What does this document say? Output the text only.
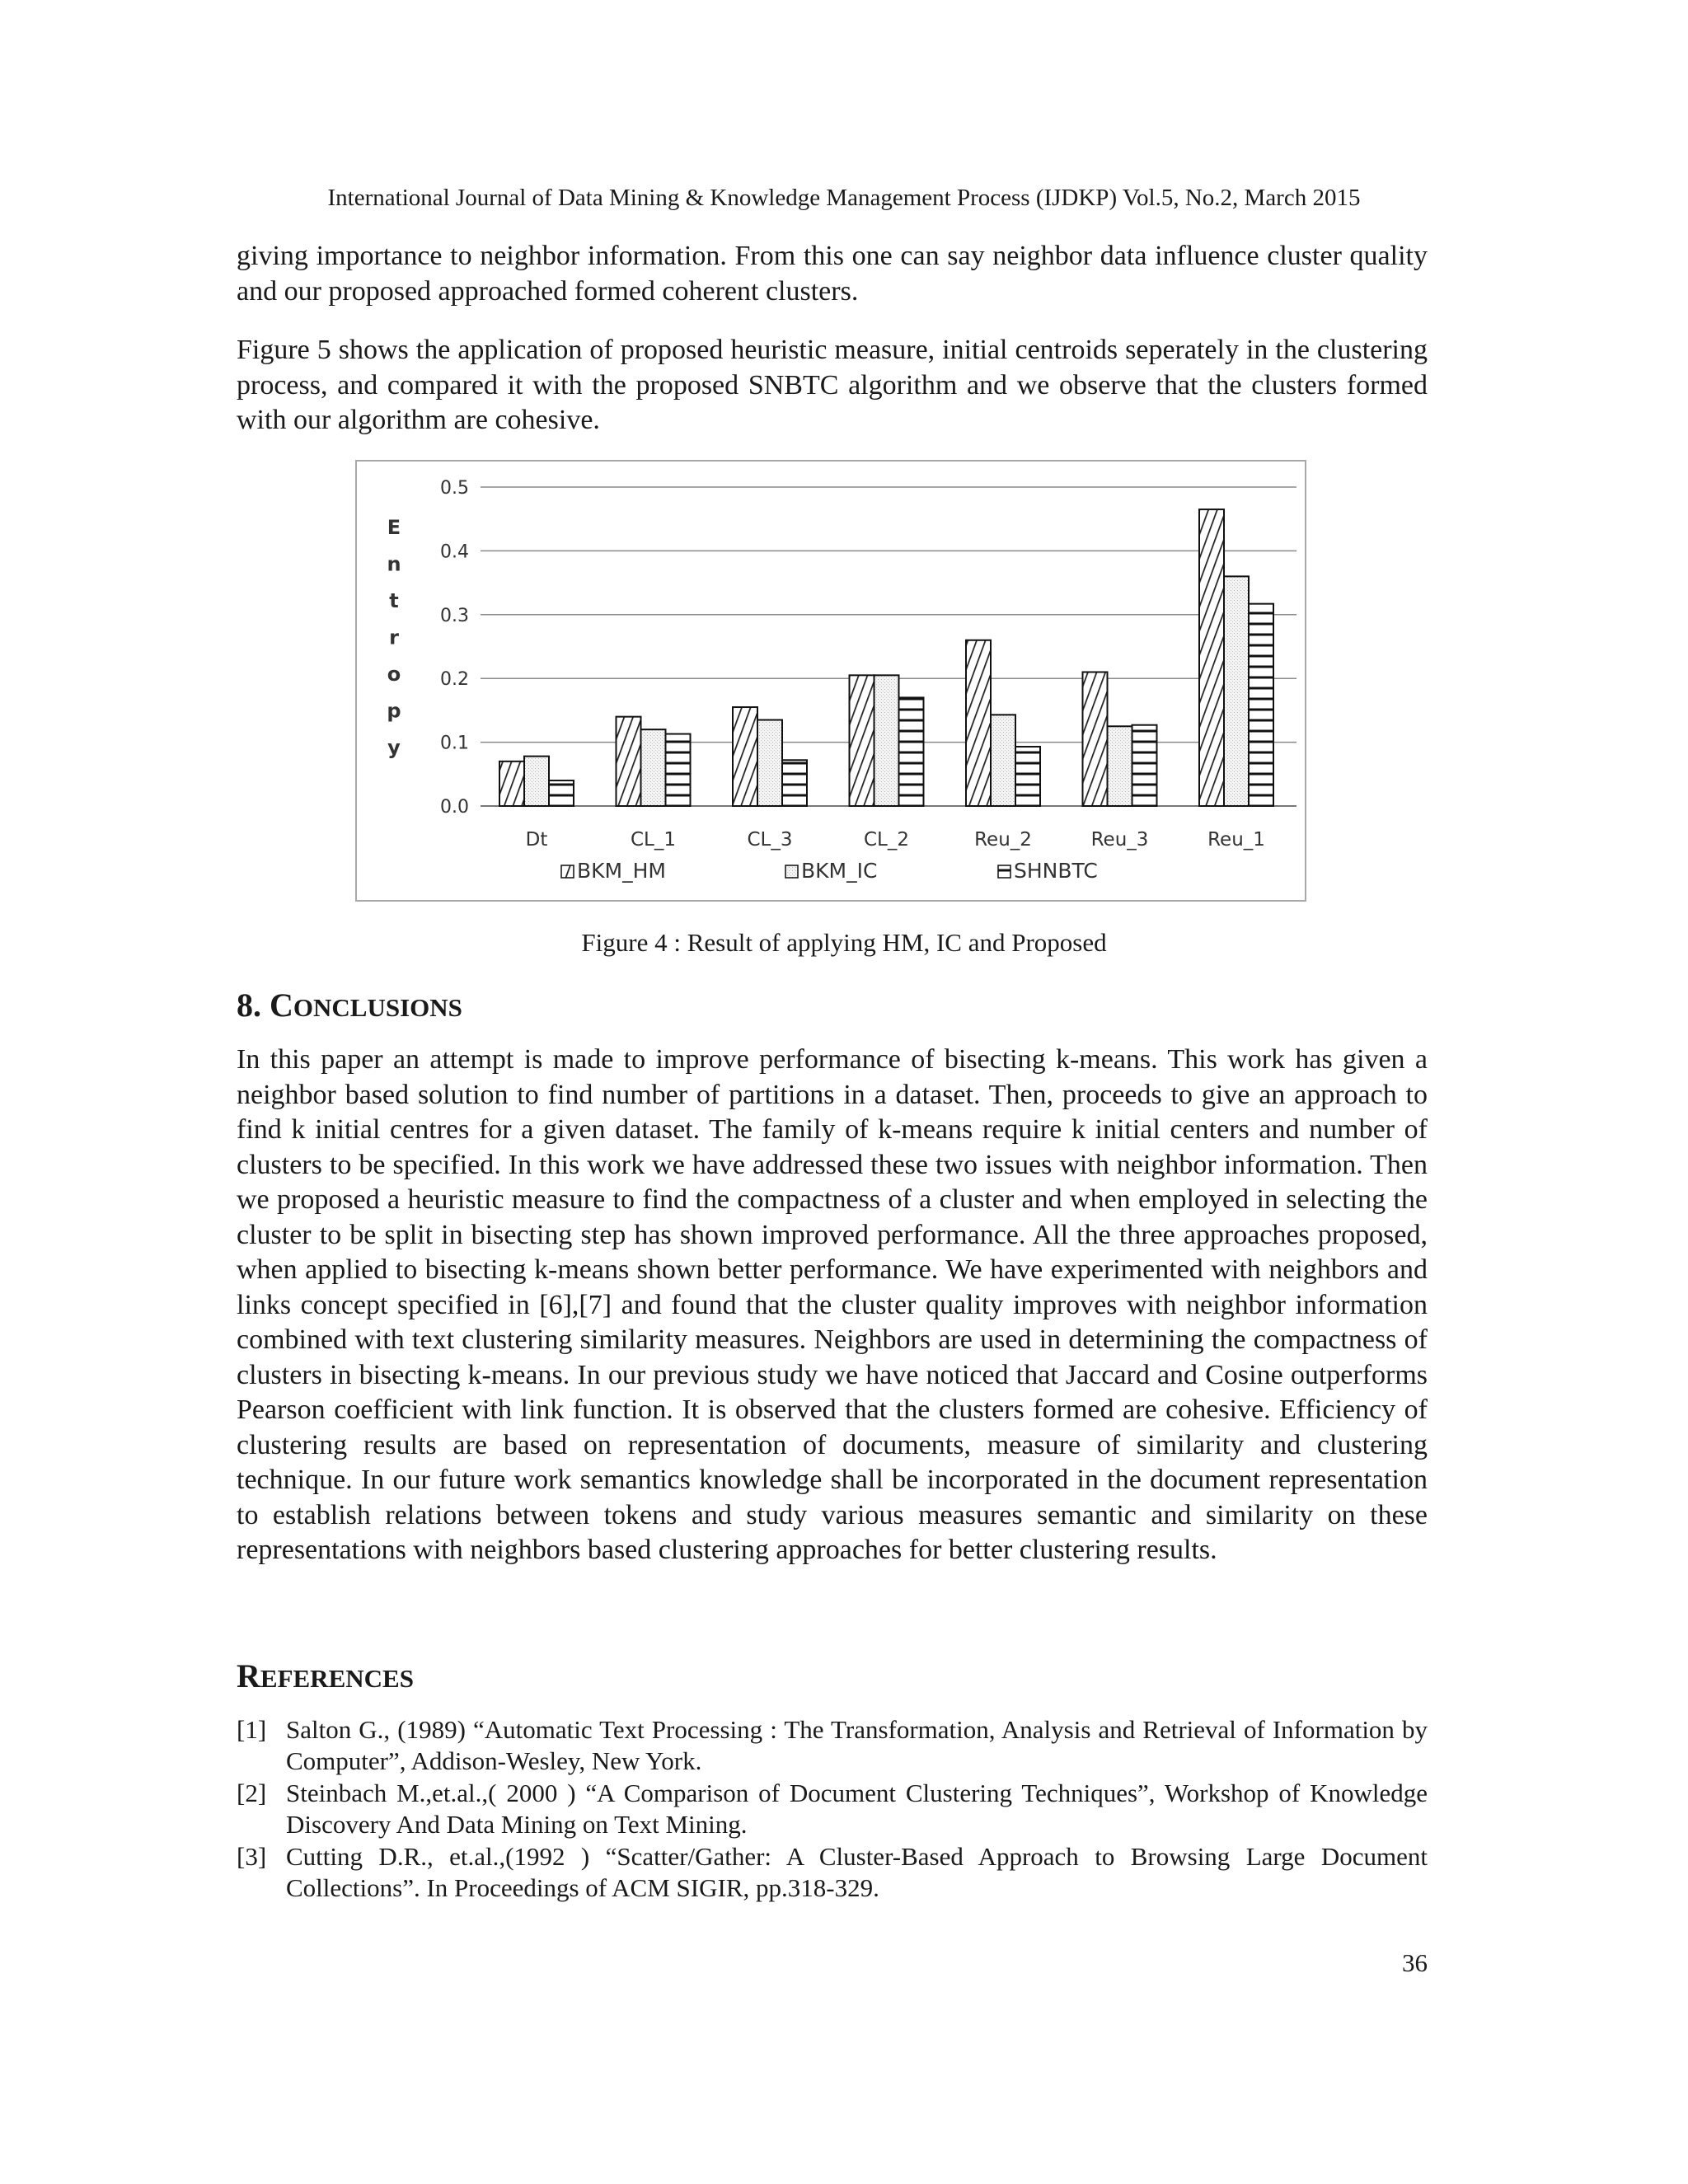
International Journal of Data Mining & Knowledge Management Process (IJDKP) Vol.5, No.2, March 2015

giving importance to neighbor information. From this one can say neighbor data influence cluster quality and our proposed approached formed coherent clusters.

Figure 5 shows the application of proposed heuristic measure, initial centroids seperately in the clustering process, and compared it with the proposed SNBTC algorithm and we observe that the clusters formed with our algorithm are cohesive.

0.0
0.1
0.2
0.3
0.4
0.5
E
n
t
r
o
p
y
Dt	CL_1	CL_3	CL_2	Reu_2	Reu_3	Reu_1
BKM_HM	BKM_IC	SHNBTC
Figure 4 : Result of applying HM, IC and Proposed
8. CONCLUSIONS

In this paper an attempt is made to improve performance of bisecting k-means. This work has given a neighbor based solution to find number of partitions in a dataset. Then, proceeds to give an approach to find k initial centres for a given dataset. The family of k-means require k initial centers and number of clusters to be specified. In this work we have addressed these two issues with neighbor information. Then we proposed a heuristic measure to find the compactness of a cluster and when employed in selecting the cluster to be split in bisecting step has shown improved performance. All the three approaches proposed, when applied to bisecting k-means shown better performance. We have experimented with neighbors and links concept specified in [6],[7] and found that the cluster quality improves with neighbor information combined with text clustering similarity measures. Neighbors are used in determining the compactness of clusters in bisecting k-means. In our previous study we have noticed that Jaccard and Cosine outperforms Pearson coefficient with link function. It is observed that the clusters formed are cohesive. Efficiency of clustering results are based on representation of documents, measure of similarity and clustering technique. In our future work semantics knowledge shall be incorporated in the document representation to establish relations between tokens and study various measures semantic and similarity on these representations with neighbors based clustering approaches for better clustering results.

REFERENCES
[1] Salton G., (1989) “Automatic Text Processing : The Transformation, Analysis and Retrieval of Information by Computer”, Addison-Wesley, New York.
[2] Steinbach M.,et.al.,( 2000 ) “A Comparison of Document Clustering Techniques”, Workshop of Knowledge Discovery And Data Mining on Text Mining.
[3] Cutting D.R., et.al.,(1992 ) “Scatter/Gather: A Cluster-Based Approach to Browsing Large Document Collections”. In Proceedings of ACM SIGIR, pp.318-329.
36
